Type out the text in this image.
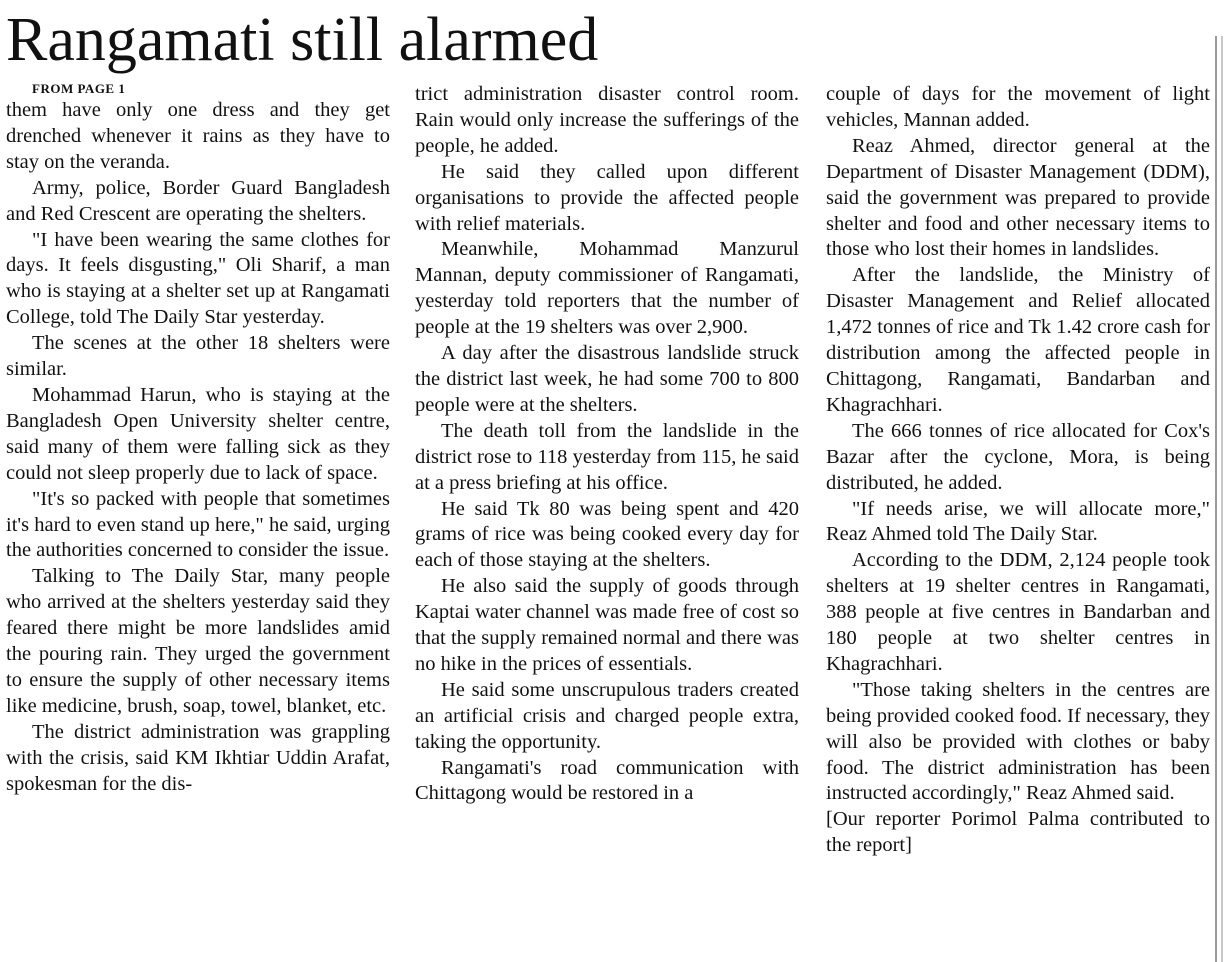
Rangamati still alarmed

FROM PAGE 1

them have only one dress and they get drenched whenever it rains as they have to stay on the veranda.

Army, police, Border Guard Bangladesh and Red Crescent are operating the shelters.

"I have been wearing the same clothes for days. It feels disgusting," Oli Sharif, a man who is staying at a shelter set up at Rangamati College, told The Daily Star yesterday.

The scenes at the other 18 shelters were similar.

Mohammad Harun, who is staying at the Bangladesh Open University shelter centre, said many of them were falling sick as they could not sleep properly due to lack of space.

"It's so packed with people that sometimes it's hard to even stand up here," he said, urging the authorities concerned to consider the issue.

Talking to The Daily Star, many people who arrived at the shelters yesterday said they feared there might be more landslides amid the pouring rain. They urged the government to ensure the supply of other necessary items like medicine, brush, soap, towel, blanket, etc.

The district administration was grappling with the crisis, said KM Ikhtiar Uddin Arafat, spokesman for the dis-

trict administration disaster control room. Rain would only increase the sufferings of the people, he added.

He said they called upon different organisations to provide the affected people with relief materials.

Meanwhile, Mohammad Manzurul Mannan, deputy commissioner of Rangamati, yesterday told reporters that the number of people at the 19 shelters was over 2,900.

A day after the disastrous landslide struck the district last week, he had some 700 to 800 people were at the shelters.

The death toll from the landslide in the district rose to 118 yesterday from 115, he said at a press briefing at his office.

He said Tk 80 was being spent and 420 grams of rice was being cooked every day for each of those staying at the shelters.

He also said the supply of goods through Kaptai water channel was made free of cost so that the supply remained normal and there was no hike in the prices of essentials.

He said some unscrupulous traders created an artificial crisis and charged people extra, taking the opportunity.

Rangamati's road communication with Chittagong would be restored in a

couple of days for the movement of light vehicles, Mannan added.

Reaz Ahmed, director general at the Department of Disaster Management (DDM), said the government was prepared to provide shelter and food and other necessary items to those who lost their homes in landslides.

After the landslide, the Ministry of Disaster Management and Relief allocated 1,472 tonnes of rice and Tk 1.42 crore cash for distribution among the affected people in Chittagong, Rangamati, Bandarban and Khagrachhari.

The 666 tonnes of rice allocated for Cox's Bazar after the cyclone, Mora, is being distributed, he added.

"If needs arise, we will allocate more," Reaz Ahmed told The Daily Star.

According to the DDM, 2,124 people took shelters at 19 shelter centres in Rangamati, 388 people at five centres in Bandarban and 180 people at two shelter centres in Khagrachhari.

"Those taking shelters in the centres are being provided cooked food. If necessary, they will also be provided with clothes or baby food. The district administration has been instructed accordingly," Reaz Ahmed said.

[Our reporter Porimol Palma contributed to the report]
